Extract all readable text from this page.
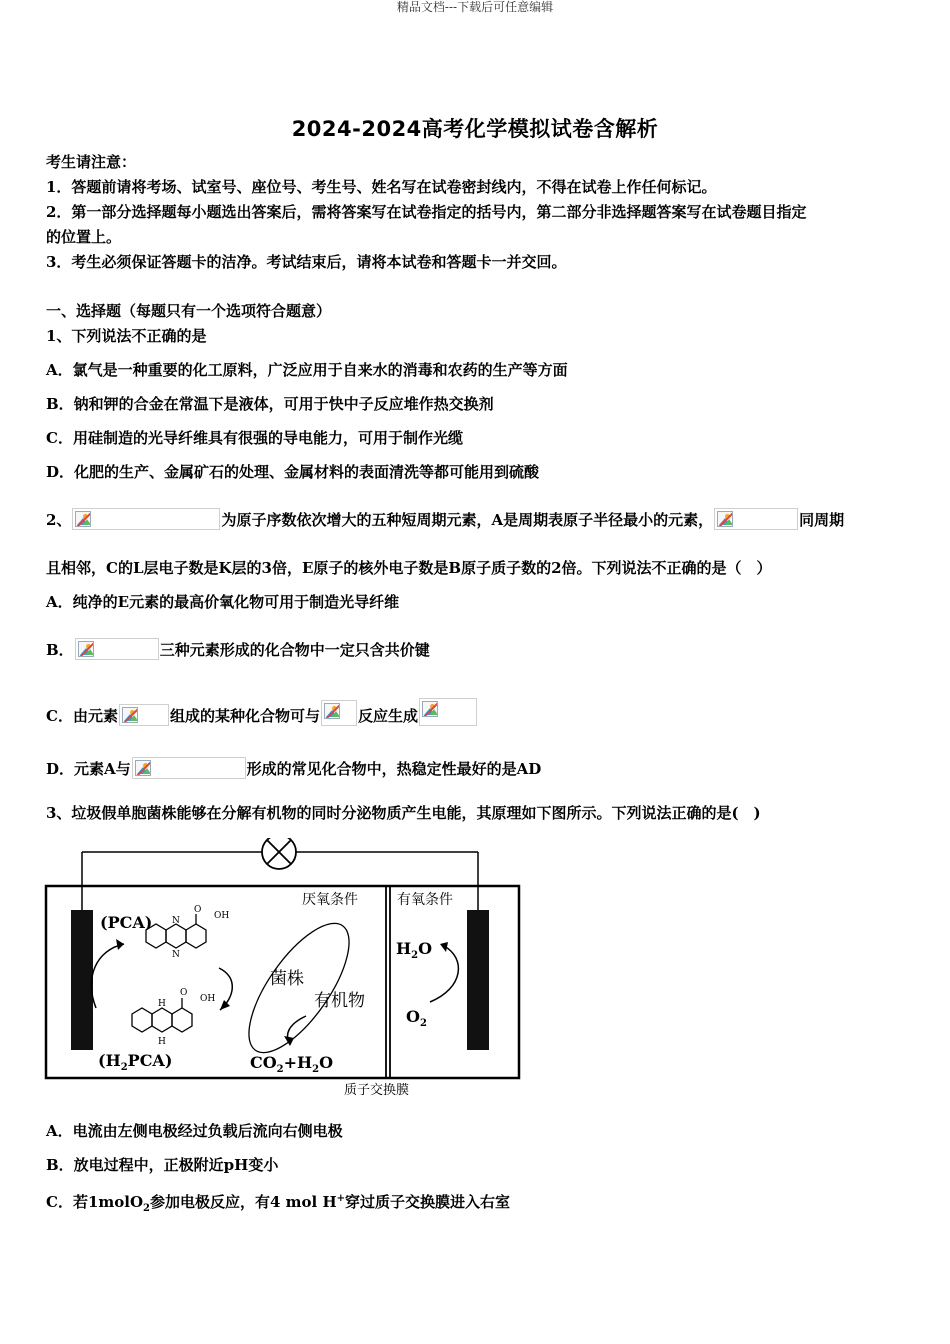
精品文档---下载后可任意编辑
2024-2024高考化学模拟试卷含解析
考生请注意：
1．答题前请将考场、试室号、座位号、考生号、姓名写在试卷密封线内，不得在试卷上作任何标记。
2．第一部分选择题每小题选出答案后，需将答案写在试卷指定的括号内，第二部分非选择题答案写在试卷题目指定
的位置上。
3．考生必须保证答题卡的洁净。考试结束后，请将本试卷和答题卡一并交回。
一、选择题（每题只有一个选项符合题意）
1、下列说法不正确的是
A．氯气是一种重要的化工原料，广泛应用于自来水的消毒和农药的生产等方面
B．钠和钾的合金在常温下是液体，可用于快中子反应堆作热交换剂
C．用硅制造的光导纤维具有很强的导电能力，可用于制作光缆
D．化肥的生产、金属矿石的处理、金属材料的表面清洗等都可能用到硫酸
2、	为原子序数依次增大的五种短周期元素，A是周期表原子半径最小的元素，	同周期
且相邻，C的L层电子数是K层的3倍，E原子的核外电子数是B原子质子数的2倍。下列说法不正确的是（　）
A．纯净的E元素的最高价氧化物可用于制造光导纤维
B．	三种元素形成的化合物中一定只含共价键
C．由元素	组成的某种化合物可与	反应生成
D．元素A与	形成的常见化合物中，热稳定性最好的是AD
3、垃圾假单胞菌株能够在分解有机物的同时分泌物质产生电能，其原理如下图所示。下列说法正确的是(　)
厌氧条件	有氧条件
(PCA) N
N
O
OH
H
H
O
OH
$(H_2PCA)$
菌株
有机物
$CO_2+H_2O$
$H_2O$
$O_2$
质子交换膜
A．电流由左侧电极经过负载后流向右侧电极
B．放电过程中，正极附近pH变小
C．若1molO$_2$参加电极反应，有4 mol H+穿过质子交换膜进入右室
